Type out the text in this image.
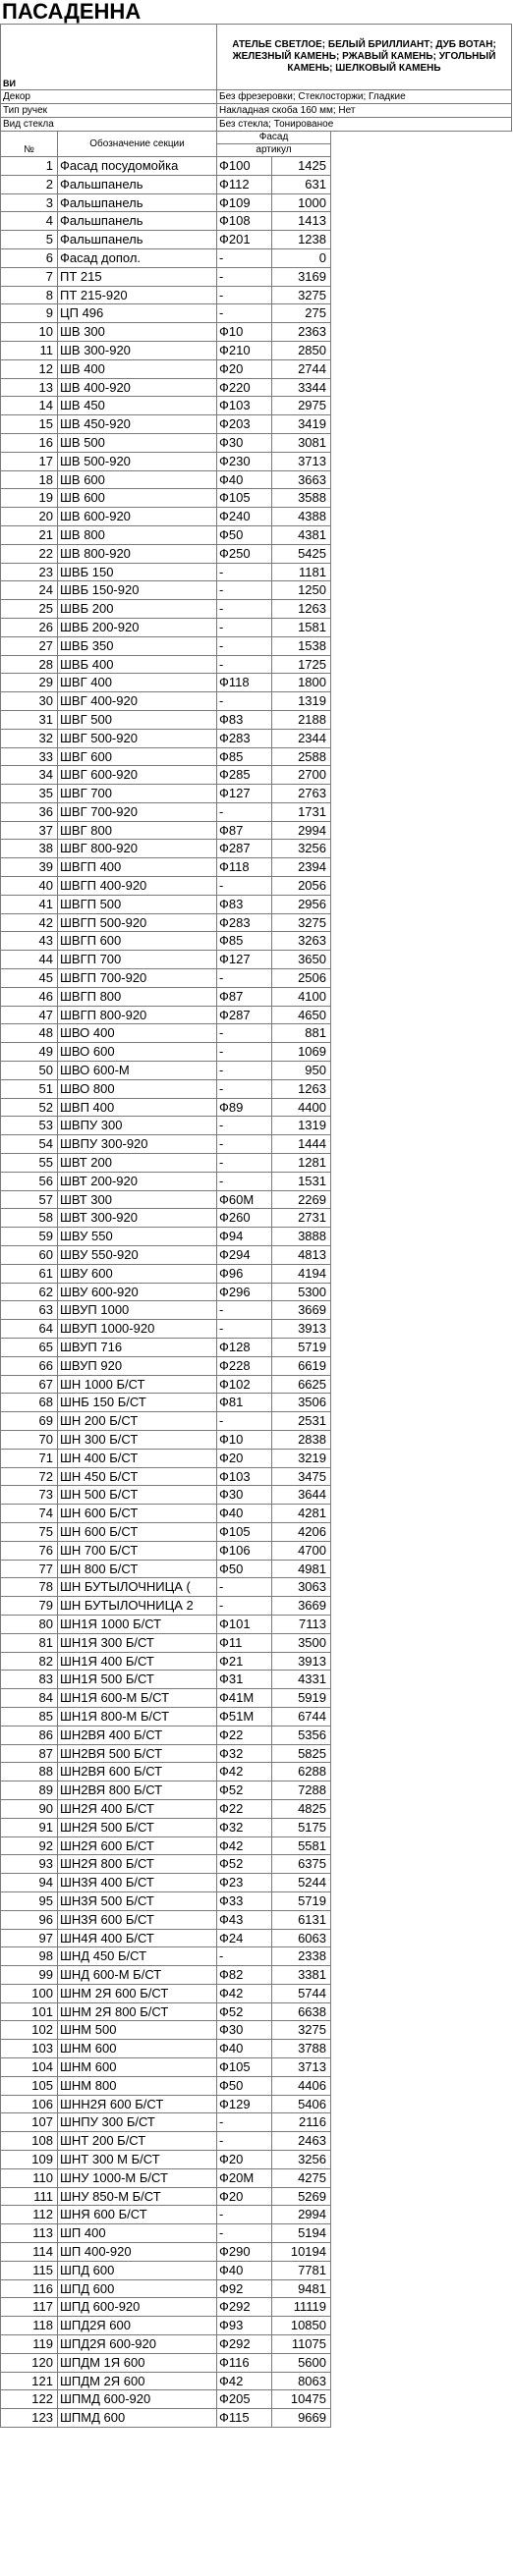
ПАСАДЕННА
ВИ		АТЕЛЬЕ СВЕТЛОЕ; БЕЛЫЙ БРИЛЛИАНТ; ДУБ ВОТАН; ЖЕЛЕЗНЫЙ КАМЕНЬ; РЖАВЫЙ КАМЕНЬ; УГОЛЬНЫЙ КАМЕНЬ; ШЕЛКОВЫЙ КАМЕНЬ		
Декор		Без фрезеровки; Стеклосторжи; Гладкие		
Тип ручек		Накладная скоба 160 мм; Нет		
Вид стекла		Без стекла; Тонированое		
№	Обозначение секции	Фасад		
		артикул		
1	Фасад посудомойка	Ф100	1425	
2	Фальшпанель	Ф112	631	
3	Фальшпанель	Ф109	1000	
4	Фальшпанель	Ф108	1413	
5	Фальшпанель	Ф201	1238	
6	Фасад допол.	-	0	
7	ПТ 215	-	3169	
8	ПТ 215-920	-	3275	
9	ЦП 496	-	275	
10	ШВ 300	Ф10	2363	
11	ШВ 300-920	Ф210	2850	
12	ШВ 400	Ф20	2744	
13	ШВ 400-920	Ф220	3344	
14	ШВ 450	Ф103	2975	
15	ШВ 450-920	Ф203	3419	
16	ШВ 500	Ф30	3081	
17	ШВ 500-920	Ф230	3713	
18	ШВ 600	Ф40	3663	
19	ШВ 600	Ф105	3588	
20	ШВ 600-920	Ф240	4388	
21	ШВ 800	Ф50	4381	
22	ШВ 800-920	Ф250	5425	
23	ШВБ 150	-	1181	
24	ШВБ 150-920	-	1250	
25	ШВБ 200	-	1263	
26	ШВБ 200-920	-	1581	
27	ШВБ 350	-	1538	
28	ШВБ 400	-	1725	
29	ШВГ 400	Ф118	1800	
30	ШВГ 400-920	-	1319	
31	ШВГ 500	Ф83	2188	
32	ШВГ 500-920	Ф283	2344	
33	ШВГ 600	Ф85	2588	
34	ШВГ 600-920	Ф285	2700	
35	ШВГ 700	Ф127	2763	
36	ШВГ 700-920	-	1731	
37	ШВГ 800	Ф87	2994	
38	ШВГ 800-920	Ф287	3256	
39	ШВГП 400	Ф118	2394	
40	ШВГП 400-920	-	2056	
41	ШВГП 500	Ф83	2956	
42	ШВГП 500-920	Ф283	3275	
43	ШВГП 600	Ф85	3263	
44	ШВГП 700	Ф127	3650	
45	ШВГП 700-920	-	2506	
46	ШВГП 800	Ф87	4100	
47	ШВГП 800-920	Ф287	4650	
48	ШВО 400	-	881	
49	ШВО 600	-	1069	
50	ШВО 600-М	-	950	
51	ШВО 800	-	1263	
52	ШВП 400	Ф89	4400	
53	ШВПУ 300	-	1319	
54	ШВПУ 300-920	-	1444	
55	ШВТ 200	-	1281	
56	ШВТ 200-920	-	1531	
57	ШВТ 300	Ф60М	2269	
58	ШВТ 300-920	Ф260	2731	
59	ШВУ 550	Ф94	3888	
60	ШВУ 550-920	Ф294	4813	
61	ШВУ 600	Ф96	4194	
62	ШВУ 600-920	Ф296	5300	
63	ШВУП 1000	-	3669	
64	ШВУП 1000-920	-	3913	
65	ШВУП 716	Ф128	5719	
66	ШВУП 920	Ф228	6619	
67	ШН 1000 Б/СТ	Ф102	6625	
68	ШНБ 150 Б/СТ	Ф81	3506	
69	ШН 200 Б/СТ	-	2531	
70	ШН 300 Б/СТ	Ф10	2838	
71	ШН 400 Б/СТ	Ф20	3219	
72	ШН 450 Б/СТ	Ф103	3475	
73	ШН 500 Б/СТ	Ф30	3644	
74	ШН 600 Б/СТ	Ф40	4281	
75	ШН 600 Б/СТ	Ф105	4206	
76	ШН 700 Б/СТ	Ф106	4700	
77	ШН 800 Б/СТ	Ф50	4981	
78	ШН БУТЫЛОЧНИЦА (	-	3063	
79	ШН БУТЫЛОЧНИЦА 2	-	3669	
80	ШН1Я 1000 Б/СТ	Ф101	7113	
81	ШН1Я 300 Б/СТ	Ф11	3500	
82	ШН1Я 400 Б/СТ	Ф21	3913	
83	ШН1Я 500 Б/СТ	Ф31	4331	
84	ШН1Я 600-М Б/СТ	Ф41М	5919	
85	ШН1Я 800-М Б/СТ	Ф51М	6744	
86	ШН2ВЯ 400 Б/СТ	Ф22	5356	
87	ШН2ВЯ 500 Б/СТ	Ф32	5825	
88	ШН2ВЯ 600 Б/СТ	Ф42	6288	
89	ШН2ВЯ 800 Б/СТ	Ф52	7288	
90	ШН2Я 400 Б/СТ	Ф22	4825	
91	ШН2Я 500 Б/СТ	Ф32	5175	
92	ШН2Я 600 Б/СТ	Ф42	5581	
93	ШН2Я 800 Б/СТ	Ф52	6375	
94	ШН3Я 400 Б/СТ	Ф23	5244	
95	ШН3Я 500 Б/СТ	Ф33	5719	
96	ШН3Я 600 Б/СТ	Ф43	6131	
97	ШН4Я 400 Б/СТ	Ф24	6063	
98	ШНД 450 Б/СТ	-	2338	
99	ШНД 600-М Б/СТ	Ф82	3381	
100	ШНМ 2Я 600 Б/СТ	Ф42	5744	
101	ШНМ 2Я 800 Б/СТ	Ф52	6638	
102	ШНМ 500	Ф30	3275	
103	ШНМ 600	Ф40	3788	
104	ШНМ 600	Ф105	3713	
105	ШНМ 800	Ф50	4406	
106	ШНН2Я 600 Б/СТ	Ф129	5406	
107	ШНПУ 300 Б/СТ	-	2116	
108	ШНТ 200 Б/СТ	-	2463	
109	ШНТ 300 М Б/СТ	Ф20	3256	
110	ШНУ 1000-М Б/СТ	Ф20М	4275	
111	ШНУ 850-М Б/СТ	Ф20	5269	
112	ШНЯ 600 Б/СТ	-	2994	
113	ШП 400	-	5194	
114	ШП 400-920	Ф290	10194	
115	ШПД 600	Ф40	7781	
116	ШПД 600	Ф92	9481	
117	ШПД 600-920	Ф292	11119	
118	ШПД2Я 600	Ф93	10850	
119	ШПД2Я 600-920	Ф292	11075	
120	ШПДМ 1Я 600	Ф116	5600	
121	ШПДМ 2Я 600	Ф42	8063	
122	ШПМД 600-920	Ф205	10475	
123	ШПМД 600	Ф115	9669	
